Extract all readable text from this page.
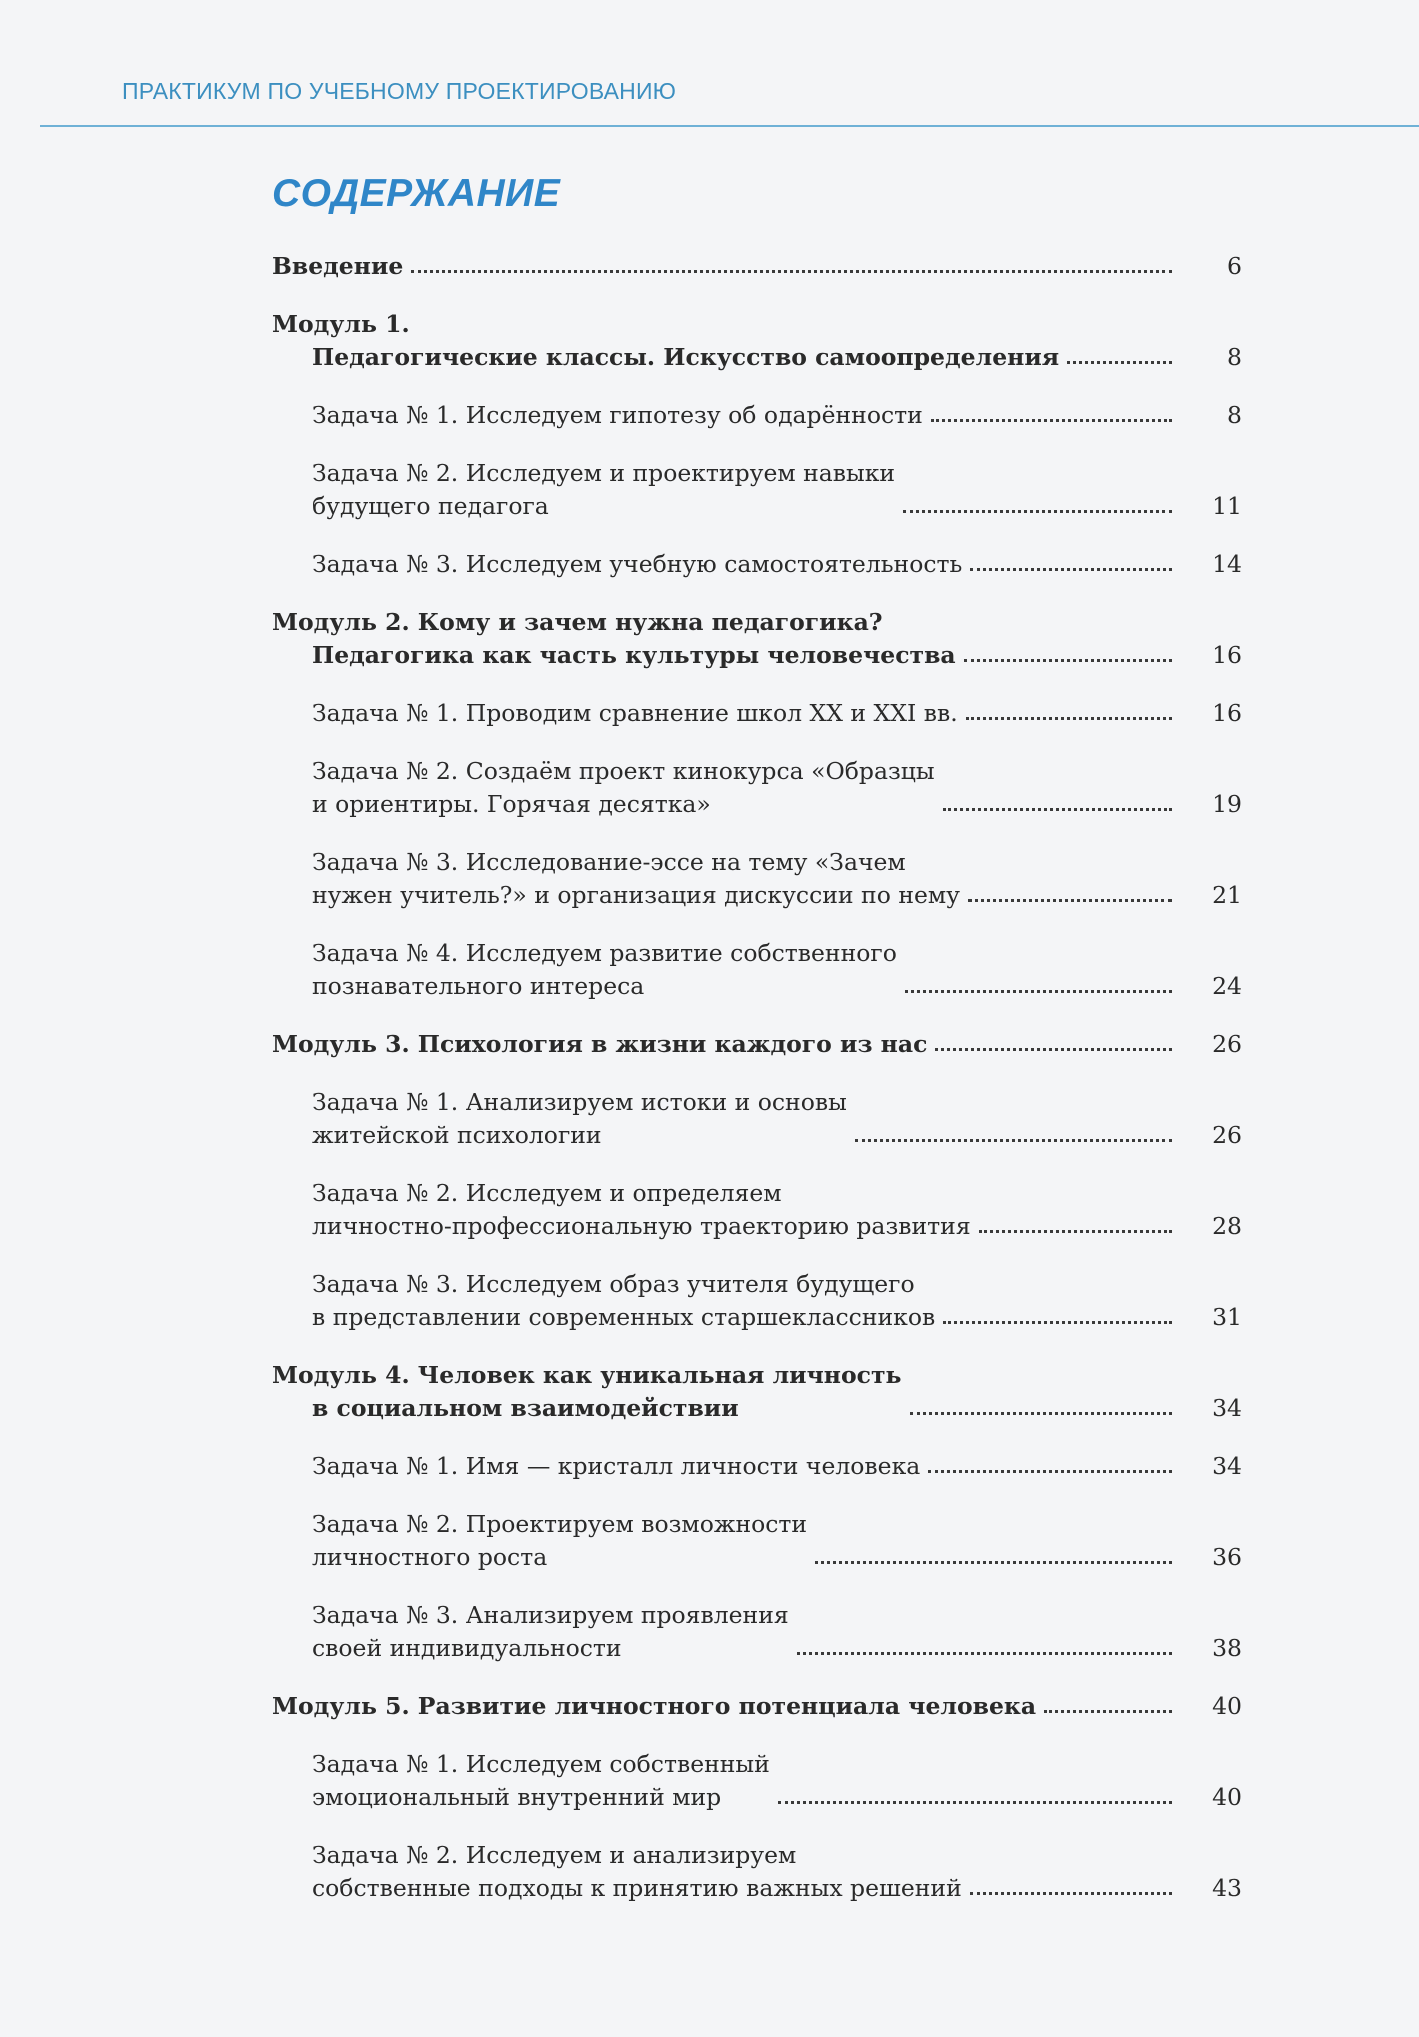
ПРАКТИКУМ ПО УЧЕБНОМУ ПРОЕКТИРОВАНИЮ
СОДЕРЖАНИЕ
Введение	6
Модуль 1.
Педагогические классы. Искусство самоопределения	8
Задача № 1. Исследуем гипотезу об одарённости	8
Задача № 2. Исследуем и проектируем навыки
будущего педагога	11
Задача № 3. Исследуем учебную самостоятельность	14
Модуль 2. Кому и зачем нужна педагогика?
Педагогика как часть культуры человечества	16
Задача № 1. Проводим сравнение школ XX и XXI вв.	16
Задача № 2. Создаём проект кинокурса «Образцы
и ориентиры. Горячая десятка»	19
Задача № 3. Исследование-эссе на тему «Зачем
нужен учитель?» и организация дискуссии по нему	21
Задача № 4. Исследуем развитие собственного
познавательного интереса	24
Модуль 3. Психология в жизни каждого из нас	26
Задача № 1. Анализируем истоки и основы
житейской психологии	26
Задача № 2. Исследуем и определяем
личностно-профессиональную траекторию развития	28
Задача № 3. Исследуем образ учителя будущего
в представлении современных старшеклассников	31
Модуль 4. Человек как уникальная личность
в социальном взаимодействии	34
Задача № 1. Имя — кристалл личности человека	34
Задача № 2. Проектируем возможности
личностного роста	36
Задача № 3. Анализируем проявления
своей индивидуальности	38
Модуль 5. Развитие личностного потенциала человека	40
Задача № 1. Исследуем собственный
эмоциональный внутренний мир	40
Задача № 2. Исследуем и анализируем
собственные подходы к принятию важных решений	43
